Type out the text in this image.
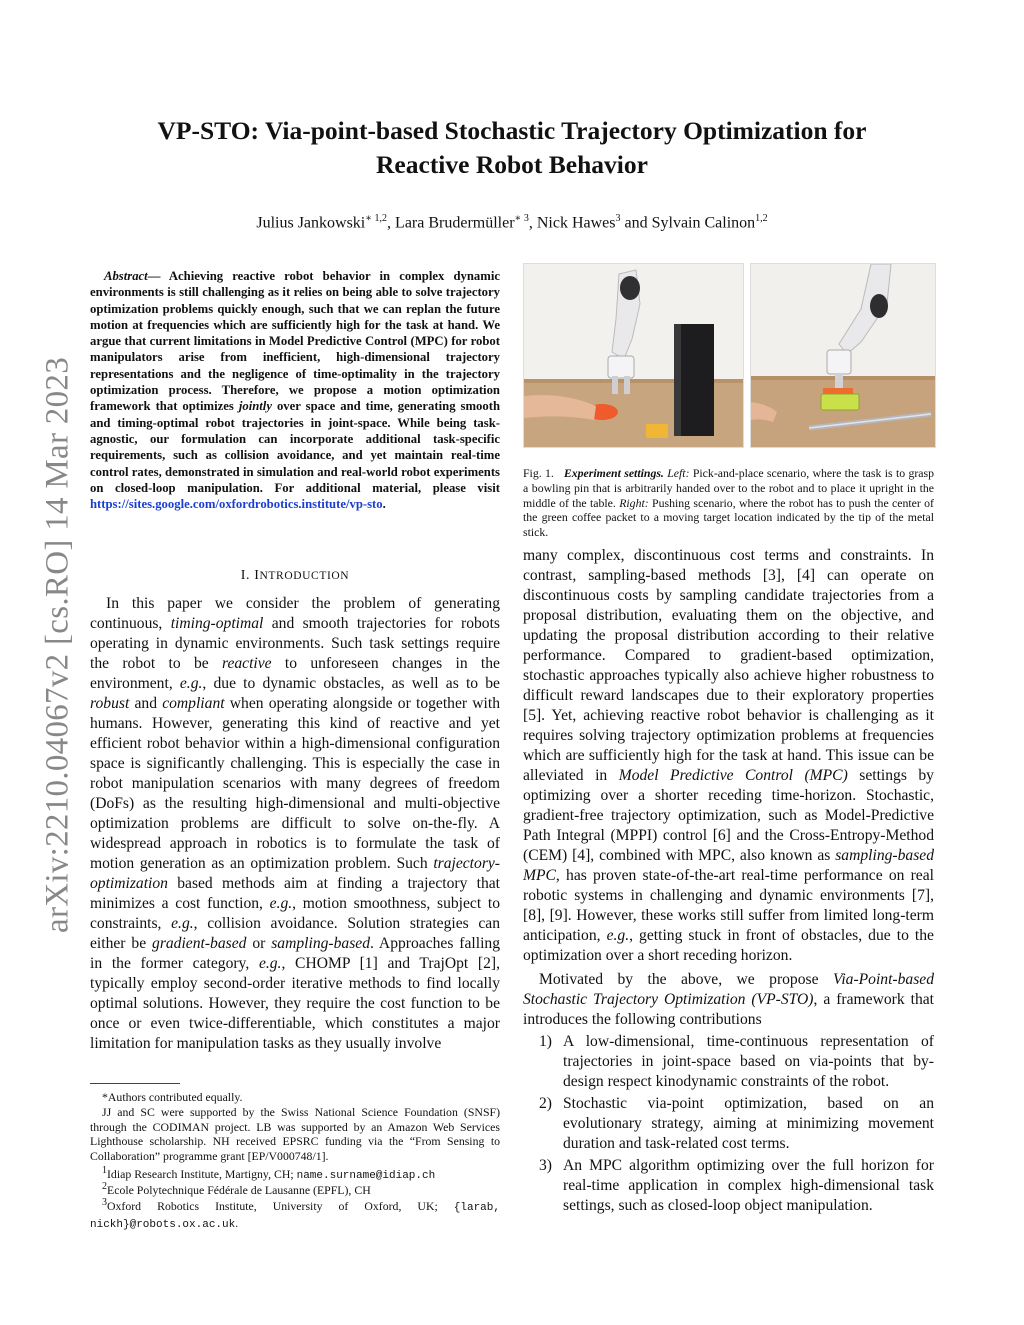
arXiv:2210.04067v2 [cs.RO] 14 Mar 2023
VP-STO: Via-point-based Stochastic Trajectory Optimization for
Reactive Robot Behavior

Julius Jankowski$^{∗ 1,2}$, Lara Brudermüller$^{∗ 3}$, Nick Hawes$^3$ and Sylvain Calinon$^{1,2}$

Abstract— Achieving reactive robot behavior in complex dynamic environments is still challenging as it relies on being able to solve trajectory optimization problems quickly enough, such that we can replan the future motion at frequencies which are sufficiently high for the task at hand. We argue that current limitations in Model Predictive Control (MPC) for robot manipulators arise from inefficient, high-dimensional trajectory representations and the negligence of time-optimality in the trajectory optimization process. Therefore, we propose a motion optimization framework that optimizes jointly over space and time, generating smooth and timing-optimal robot trajectories in joint-space. While being task-agnostic, our formulation can incorporate additional task-specific requirements, such as collision avoidance, and yet maintain real-time control rates, demonstrated in simulation and real-world robot experiments on closed-loop manipulation. For additional material, please visit https://sites.google.com/oxfordrobotics.institute/vp-sto.

I. INTRODUCTION

In this paper we consider the problem of generating continuous, timing-optimal and smooth trajectories for robots operating in dynamic environments. Such task settings require the robot to be reactive to unforeseen changes in the environment, e.g., due to dynamic obstacles, as well as to be robust and compliant when operating alongside or together with humans. However, generating this kind of reactive and yet efficient robot behavior within a high-dimensional configuration space is significantly challenging. This is especially the case in robot manipulation scenarios with many degrees of freedom (DoFs) as the resulting high-dimensional and multi-objective optimization problems are difficult to solve on-the-fly. A widespread approach in robotics is to formulate the task of motion generation as an optimization problem. Such trajectory-optimization based methods aim at finding a trajectory that minimizes a cost function, e.g., motion smoothness, subject to constraints, e.g., collision avoidance. Solution strategies can either be gradient-based or sampling-based. Approaches falling in the former category, e.g., CHOMP [1] and TrajOpt [2], typically employ second-order iterative methods to find locally optimal solutions. However, they require the cost function to be once or even twice-differentiable, which constitutes a major limitation for manipulation tasks as they usually involve

*Authors contributed equally.

JJ and SC were supported by the Swiss National Science Foundation (SNSF) through the CODIMAN project. LB was supported by an Amazon Web Services Lighthouse scholarship. NH received EPSRC funding via the “From Sensing to Collaboration” programme grant [EP/V000748/1].

$^1$Idiap Research Institute, Martigny, CH; name.surname@idiap.ch

$^2$Ecole Polytechnique Fédérale de Lausanne (EPFL), CH

$^3$Oxford Robotics Institute, University of Oxford, UK; {larab, nickh}@robots.ox.ac.uk.

Fig. 1. Experiment settings. Left: Pick-and-place scenario, where the task is to grasp a bowling pin that is arbitrarily handed over to the robot and to place it upright in the middle of the table. Right: Pushing scenario, where the robot has to push the center of the green coffee packet to a moving target location indicated by the tip of the metal stick.

many complex, discontinuous cost terms and constraints. In contrast, sampling-based methods [3], [4] can operate on discontinuous costs by sampling candidate trajectories from a proposal distribution, evaluating them on the objective, and updating the proposal distribution according to their relative performance. Compared to gradient-based optimization, stochastic approaches typically also achieve higher robustness to difficult reward landscapes due to their exploratory properties [5]. Yet, achieving reactive robot behavior is challenging as it requires solving trajectory optimization problems at frequencies which are sufficiently high for the task at hand. This issue can be alleviated in Model Predictive Control (MPC) settings by optimizing over a shorter receding time-horizon. Stochastic, gradient-free trajectory optimization, such as Model-Predictive Path Integral (MPPI) control [6] and the Cross-Entropy-Method (CEM) [4], combined with MPC, also known as sampling-based MPC, has proven state-of-the-art real-time performance on real robotic systems in challenging and dynamic environments [7], [8], [9]. However, these works still suffer from limited long-term anticipation, e.g., getting stuck in front of obstacles, due to the optimization over a short receding horizon.

Motivated by the above, we propose Via-Point-based Stochastic Trajectory Optimization (VP-STO), a framework that introduces the following contributions

1) A low-dimensional, time-continuous representation of trajectories in joint-space based on via-points that by-design respect kinodynamic constraints of the robot.
2) Stochastic via-point optimization, based on an evolutionary strategy, aiming at minimizing movement duration and task-related cost terms.
3) An MPC algorithm optimizing over the full horizon for real-time application in complex high-dimensional task settings, such as closed-loop object manipulation.
